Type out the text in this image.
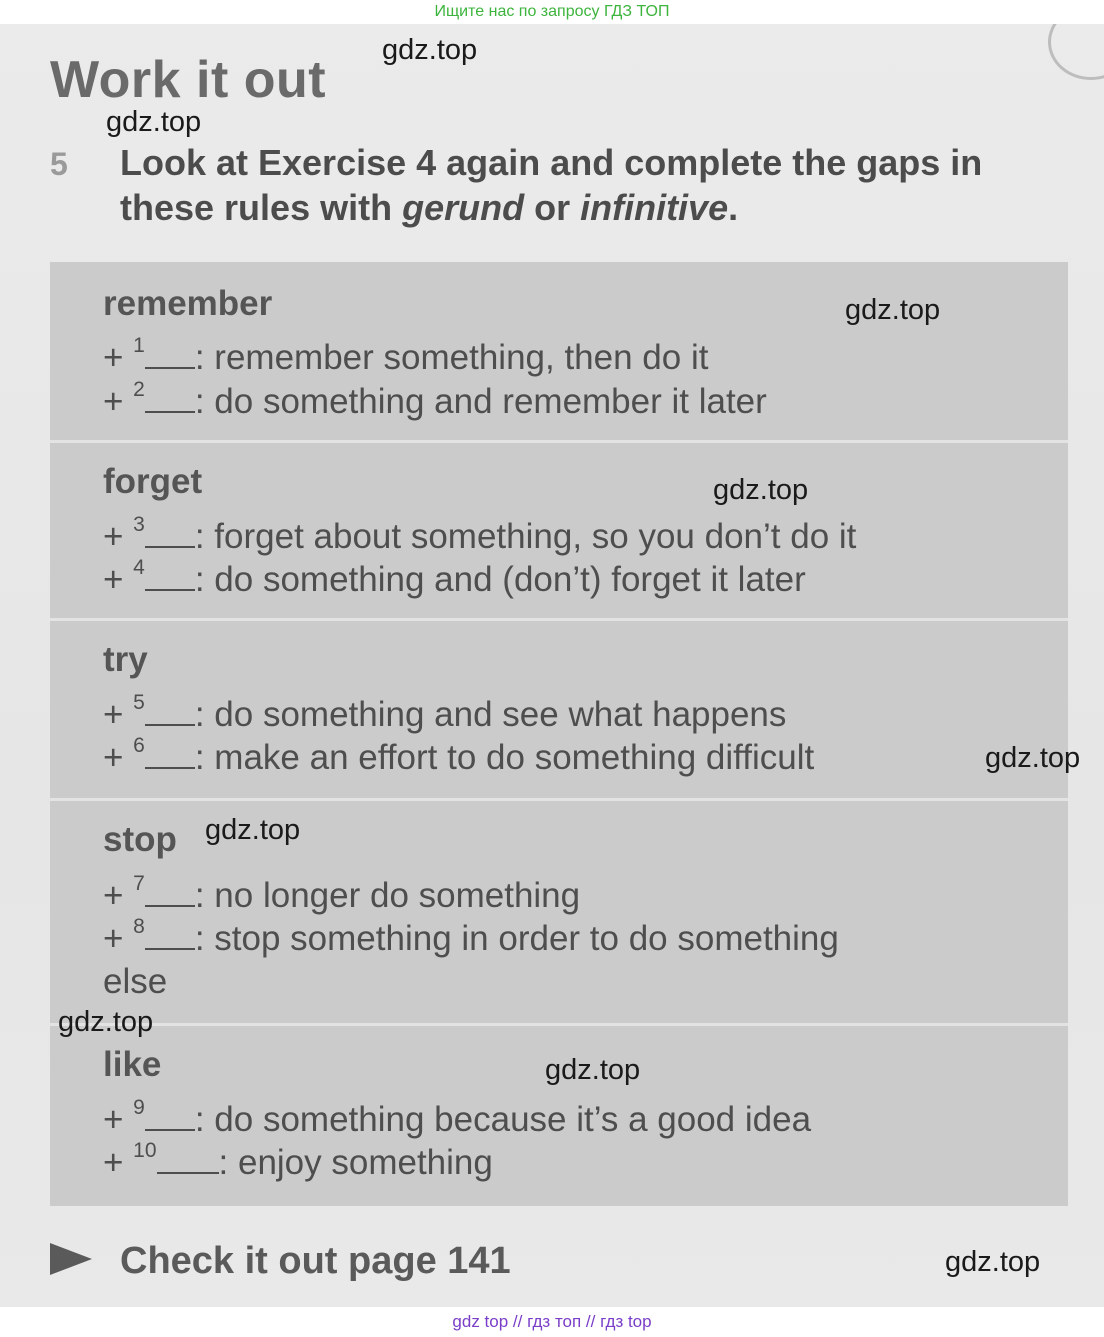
Ищите нас по запросу ГДЗ ТОП
Work it out
5 Look at Exercise 4 again and complete the gaps in these rules with gerund or infinitive.
remember
+ $^1$ : remember something, then do it
+ $^2$ : do something and remember it later
forget
+ $^3$ : forget about something, so you don’t do it
+ $^4$ : do something and (don’t) forget it later
try
+ $^5$ : do something and see what happens
+ $^6$ : make an effort to do something difficult
stop
+ $^7$ : no longer do something
+ $^8$ : stop something in order to do something
else
like
+ $^9$ : do something because it’s a good idea
+ $^{10}$ : enjoy something
Check it out page 141
gdz.top
gdz.top
gdz.top
gdz.top
gdz.top
gdz.top
gdz.top
gdz.top
gdz.top
gdz top // гдз топ // гдз top
